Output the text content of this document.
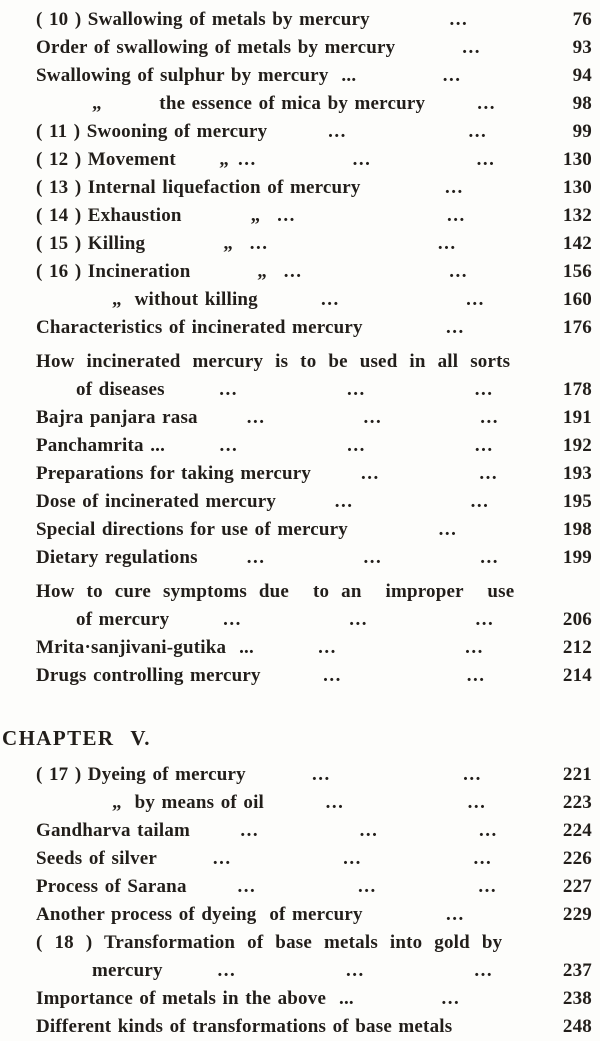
( 10 ) Swallowing of metals by mercury	...	76
Order of swallowing of metals by mercury	...	93
Swallowing of sulphur by mercury  ...	...	94
„   the essence of mica by mercury	...	98
( 11 ) Swooning of mercury	...	...	99
( 12 ) Movement	„ ...	...	...	130
( 13 ) Internal liquefaction of mercury	...	130
( 14 ) Exhaustion	„  ...	...	132
( 15 ) Killing	„  ...	...	142
( 16 ) Incineration	„  ...	...	156
„  without killing	...	...	160
Characteristics of incinerated mercury	...	176
How incinerated mercury is to be used in all sorts
of diseases	...	...	...	178
Bajra panjara rasa	...	...	...	191
Panchamrita ...	...	...	...	192
Preparations for taking mercury	...	...	193
Dose of incinerated mercury	...	...	195
Special directions for use of mercury	...	198
Dietary regulations	...	...	...	199
How to cure symptoms due  to an  improper  use
of mercury	...	...	...	206
Mrita·sanjivani-gutika  ...	...	...	212
Drugs controlling mercury	...	...	214
CHAPTER  V.
( 17 ) Dyeing of mercury	...	...	221
„  by means of oil	...	...	223
Gandharva tailam	...	...	...	224
Seeds of silver	...	...	...	226
Process of Sarana	...	...	...	227
Another process of dyeing  of mercury	...	229
( 18 ) Transformation of base metals into gold by
mercury	...	...	...	237
Importance of metals in the above  ...	...	238
Different kinds of transformations of base metals	248
